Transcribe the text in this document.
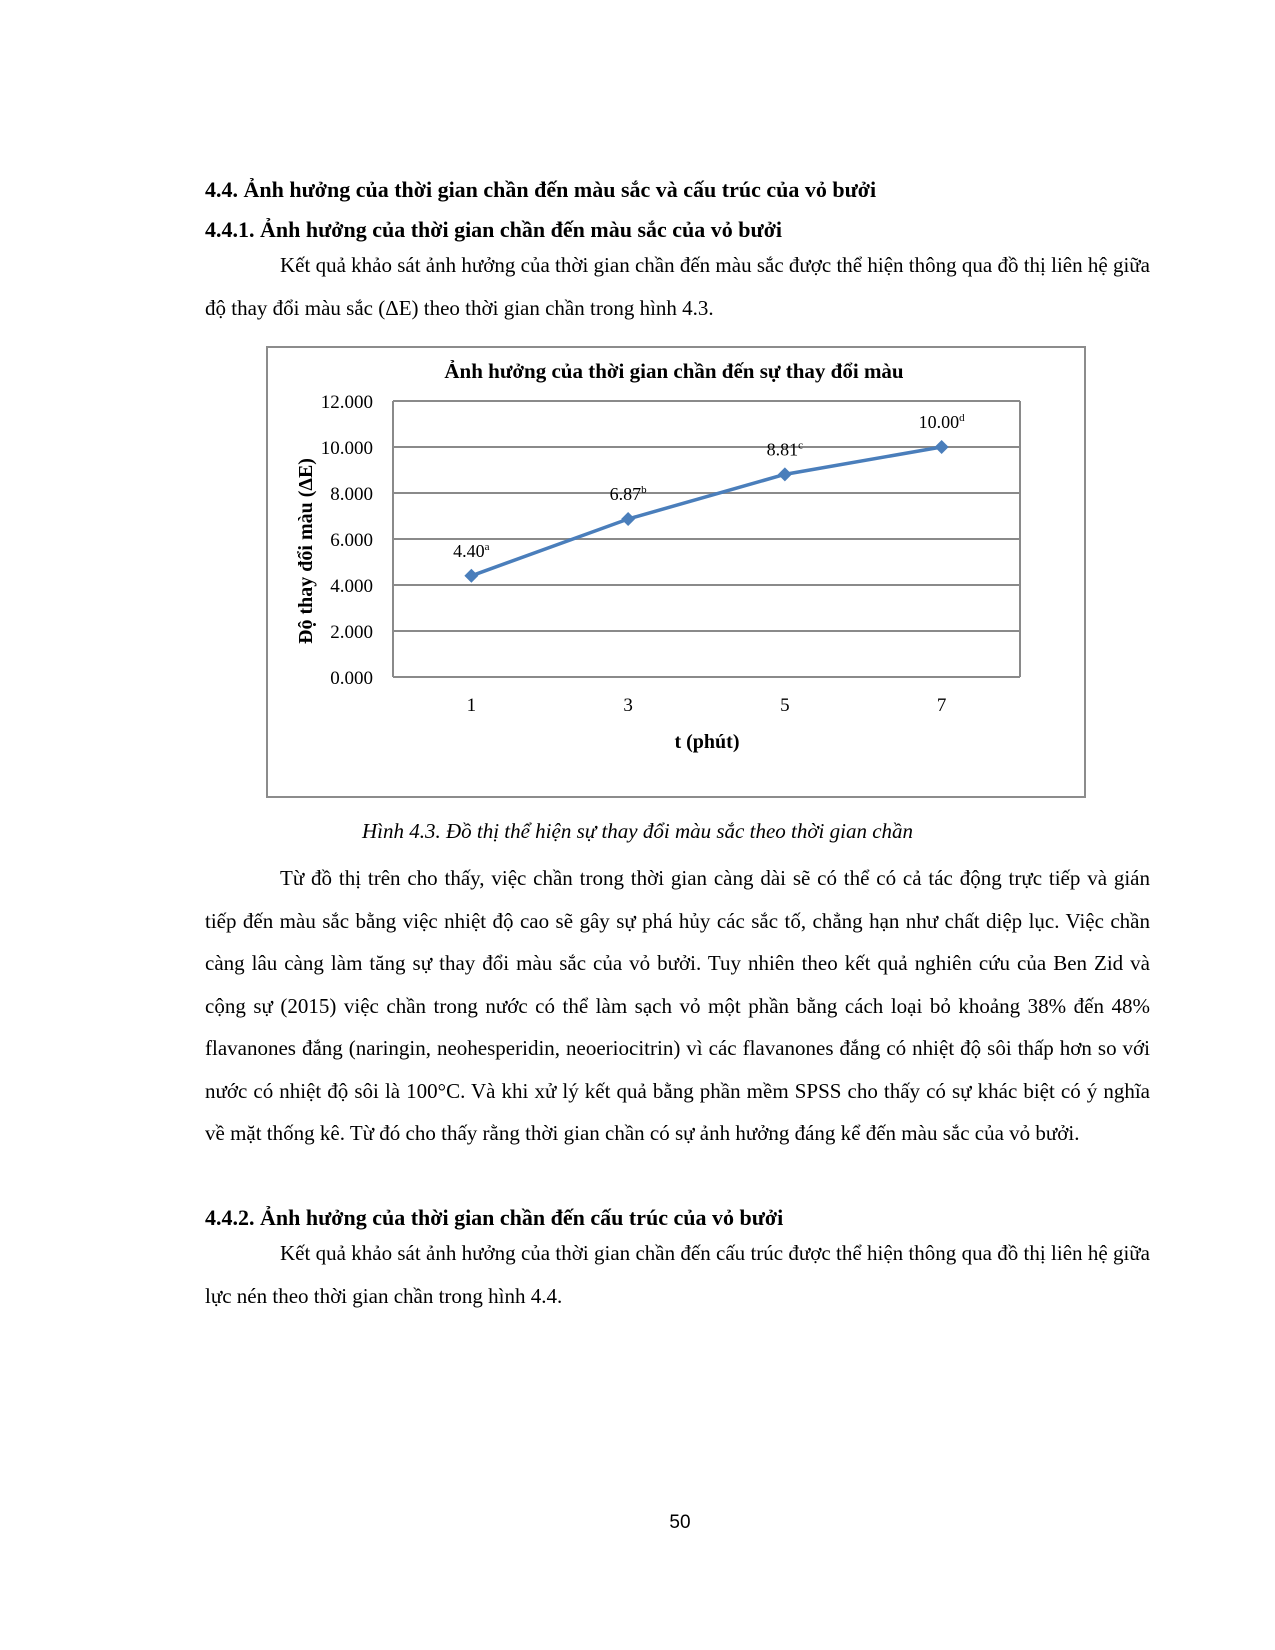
4.4. Ảnh hưởng của thời gian chần đến màu sắc và cấu trúc của vỏ bưởi
4.4.1. Ảnh hưởng của thời gian chần đến màu sắc của vỏ bưởi

Kết quả khảo sát ảnh hưởng của thời gian chần đến màu sắc được thể hiện thông qua đồ thị liên hệ giữa độ thay đổi màu sắc (ΔE) theo thời gian chần trong hình 4.3.

Ảnh hưởng của thời gian chần đến sự thay đổi màu
0.000
2.000
4.000
6.000
8.000
10.000
12.000
1	3	5	7
4.40$^a$
6.87$^b$
8.81$^c$
10.00$^d$
t (phút)
Độ thay đổi màu (ΔE)
Hình 4.3. Đồ thị thể hiện sự thay đổi màu sắc theo thời gian chần

Từ đồ thị trên cho thấy, việc chần trong thời gian càng dài sẽ có thể có cả tác động trực tiếp và gián tiếp đến màu sắc bằng việc nhiệt độ cao sẽ gây sự phá hủy các sắc tố, chẳng hạn như chất diệp lục. Việc chần càng lâu càng làm tăng sự thay đổi màu sắc của vỏ bưởi. Tuy nhiên theo kết quả nghiên cứu của Ben Zid và cộng sự (2015) việc chần trong nước có thể làm sạch vỏ một phần bằng cách loại bỏ khoảng 38% đến 48% flavanones đắng (naringin, neohesperidin, neoeriocitrin) vì các flavanones đắng có nhiệt độ sôi thấp hơn so với nước có nhiệt độ sôi là 100°C. Và khi xử lý kết quả bằng phần mềm SPSS cho thấy có sự khác biệt có ý nghĩa về mặt thống kê. Từ đó cho thấy rằng thời gian chần có sự ảnh hưởng đáng kể đến màu sắc của vỏ bưởi.

4.4.2. Ảnh hưởng của thời gian chần đến cấu trúc của vỏ bưởi

Kết quả khảo sát ảnh hưởng của thời gian chần đến cấu trúc được thể hiện thông qua đồ thị liên hệ giữa lực nén theo thời gian chần trong hình 4.4.

50
